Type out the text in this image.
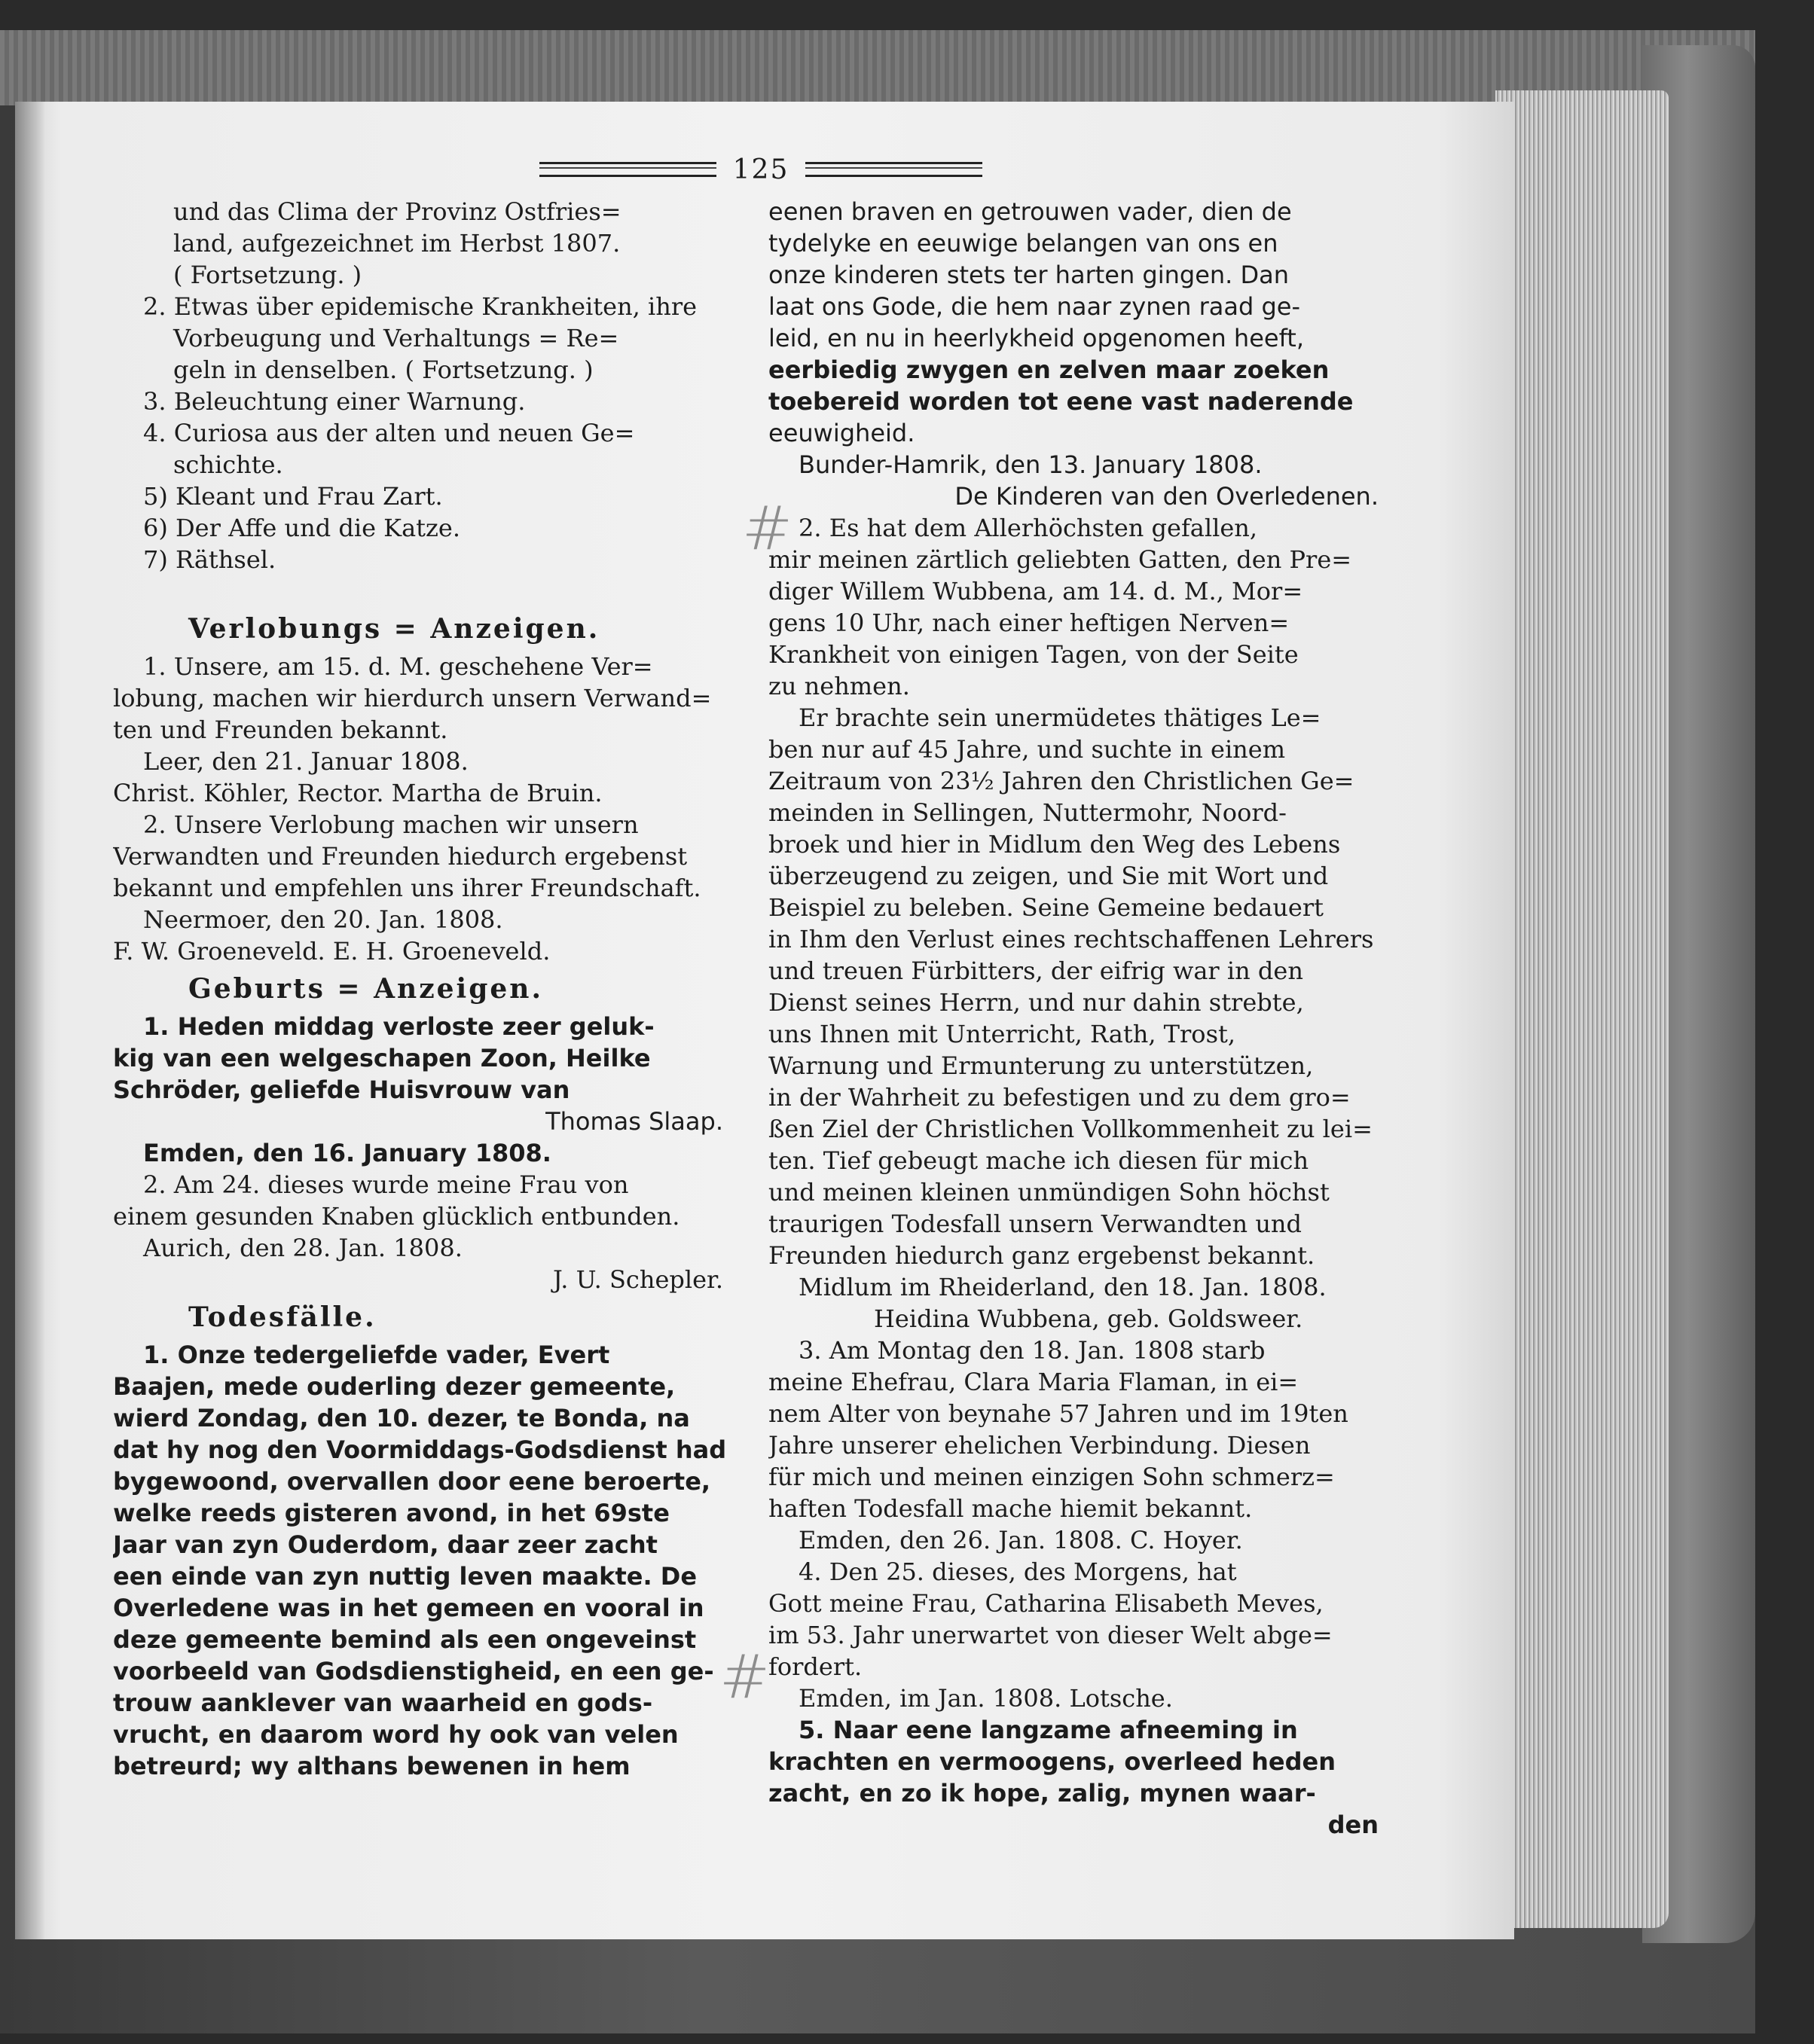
125
und das Clima der Provinz Ostfries=
land, aufgezeichnet im Herbst 1807.
( Fortsetzung. )
2. Etwas über epidemische Krankheiten, ihre
Vorbeugung und Verhaltungs = Re=
geln in denselben. ( Fortsetzung. )
3. Beleuchtung einer Warnung.
4. Curiosa aus der alten und neuen Ge=
schichte.
5) Kleant und Frau Zart.
6) Der Affe und die Katze.
7) Räthsel.
Verlobungs = Anzeigen.
1. Unsere, am 15. d. M. geschehene Ver=
lobung, machen wir hierdurch unsern Verwand=
ten und Freunden bekannt.
Leer, den 21. Januar 1808.
Christ. Köhler, Rector. Martha de Bruin.
2. Unsere Verlobung machen wir unsern
Verwandten und Freunden hiedurch ergebenst
bekannt und empfehlen uns ihrer Freundschaft.
Neermoer, den 20. Jan. 1808.
F. W. Groeneveld. E. H. Groeneveld.
Geburts = Anzeigen.
1. Heden middag verloste zeer geluk-
kig van een welgeschapen Zoon, Heilke
Schröder, geliefde Huisvrouw van
Thomas Slaap.
Emden, den 16. January 1808.
2. Am 24. dieses wurde meine Frau von
einem gesunden Knaben glücklich entbunden.
Aurich, den 28. Jan. 1808.
J. U. Schepler.
Todesfälle.
1. Onze tedergeliefde vader, Evert
Baajen, mede ouderling dezer gemeente,
wierd Zondag, den 10. dezer, te Bonda, na
dat hy nog den Voormiddags-Godsdienst had
bygewoond, overvallen door eene beroerte,
welke reeds gisteren avond, in het 69ste
Jaar van zyn Ouderdom, daar zeer zacht
een einde van zyn nuttig leven maakte. De
Overledene was in het gemeen en vooral in
deze gemeente bemind als een ongeveinst
voorbeeld van Godsdienstigheid, en een ge-
trouw aanklever van waarheid en gods-
vrucht, en daarom word hy ook van velen
betreurd; wy althans bewenen in hem
eenen braven en getrouwen vader, dien de
tydelyke en eeuwige belangen van ons en
onze kinderen stets ter harten gingen. Dan
laat ons Gode, die hem naar zynen raad ge-
leid, en nu in heerlykheid opgenomen heeft,
eerbiedig zwygen en zelven maar zoeken
toebereid worden tot eene vast naderende
eeuwigheid.
Bunder-Hamrik, den 13. January 1808.
De Kinderen van den Overledenen.
2. Es hat dem Allerhöchsten gefallen,
mir meinen zärtlich geliebten Gatten, den Pre=
diger Willem Wubbena, am 14. d. M., Mor=
gens 10 Uhr, nach einer heftigen Nerven=
Krankheit von einigen Tagen, von der Seite
zu nehmen.
Er brachte sein unermüdetes thätiges Le=
ben nur auf 45 Jahre, und suchte in einem
Zeitraum von 23½ Jahren den Christlichen Ge=
meinden in Sellingen, Nuttermohr, Noord-
broek und hier in Midlum den Weg des Lebens
überzeugend zu zeigen, und Sie mit Wort und
Beispiel zu beleben. Seine Gemeine bedauert
in Ihm den Verlust eines rechtschaffenen Lehrers
und treuen Fürbitters, der eifrig war in den
Dienst seines Herrn, und nur dahin strebte,
uns Ihnen mit Unterricht, Rath, Trost,
Warnung und Ermunterung zu unterstützen,
in der Wahrheit zu befestigen und zu dem gro=
ßen Ziel der Christlichen Vollkommenheit zu lei=
ten. Tief gebeugt mache ich diesen für mich
und meinen kleinen unmündigen Sohn höchst
traurigen Todesfall unsern Verwandten und
Freunden hiedurch ganz ergebenst bekannt.
Midlum im Rheiderland, den 18. Jan. 1808.
Heidina Wubbena, geb. Goldsweer.
3. Am Montag den 18. Jan. 1808 starb
meine Ehefrau, Clara Maria Flaman, in ei=
nem Alter von beynahe 57 Jahren und im 19ten
Jahre unserer ehelichen Verbindung. Diesen
für mich und meinen einzigen Sohn schmerz=
haften Todesfall mache hiemit bekannt.
Emden, den 26. Jan. 1808. C. Hoyer.
4. Den 25. dieses, des Morgens, hat
Gott meine Frau, Catharina Elisabeth Meves,
im 53. Jahr unerwartet von dieser Welt abge=
fordert.
Emden, im Jan. 1808. Lotsche.
5. Naar eene langzame afneeming in
krachten en vermoogens, overleed heden
zacht, en zo ik hope, zalig, mynen waar-
den
#
#
